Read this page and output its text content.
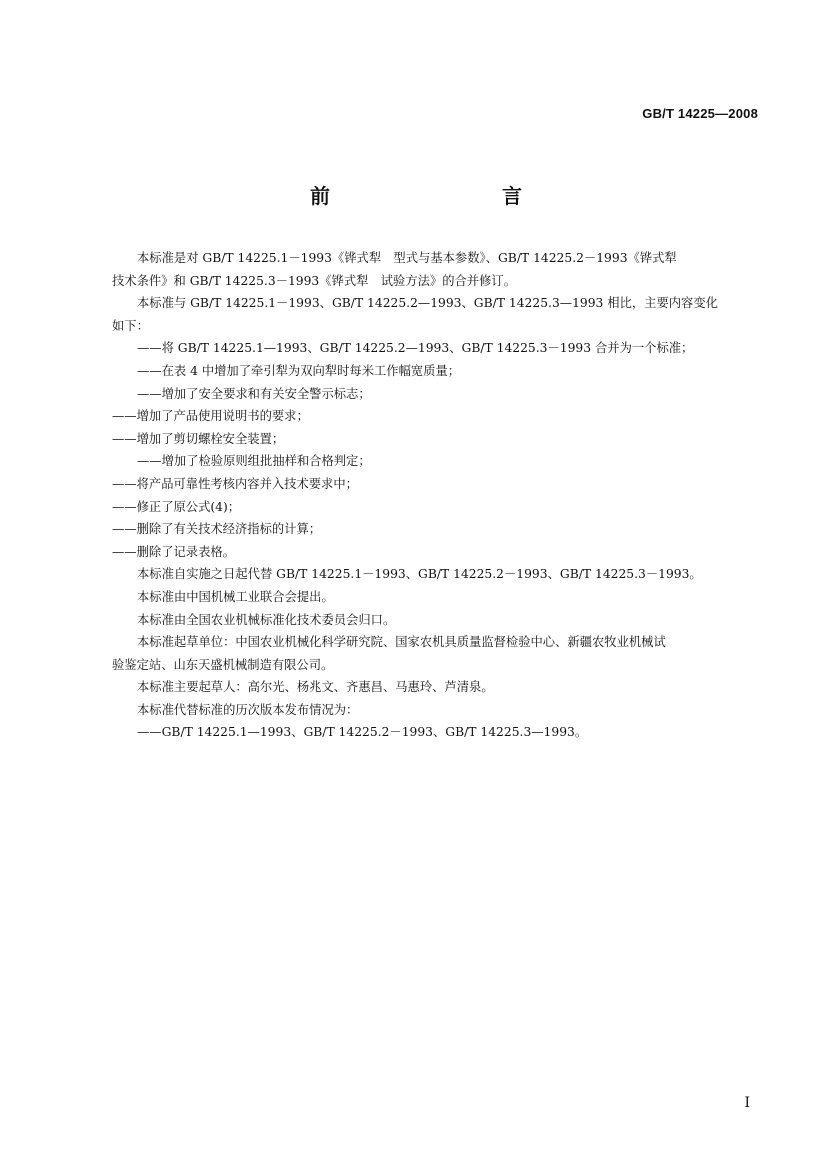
GB/T 14225—2008
前　　言
本标准是对 GB/T 14225.1－1993《铧式犁　型式与基本参数》、GB/T 14225.2－1993《铧式犁
技术条件》和 GB/T 14225.3－1993《铧式犁　试验方法》的合并修订。
本标准与 GB/T 14225.1－1993、GB/T 14225.2—1993、GB/T 14225.3—1993 相比，主要内容变化
如下：
——将 GB/T 14225.1—1993、GB/T 14225.2—1993、GB/T 14225.3－1993 合并为一个标准；
——在表 4 中增加了牵引犁为双向犁时每米工作幅宽质量；
——增加了安全要求和有关安全警示标志；
——增加了产品使用说明书的要求；
——增加了剪切螺栓安全装置；
——增加了检验原则组批抽样和合格判定；
——将产品可靠性考核内容并入技术要求中；
——修正了原公式(4)；
——删除了有关技术经济指标的计算；
——删除了记录表格。
本标准自实施之日起代替 GB/T 14225.1－1993、GB/T 14225.2－1993、GB/T 14225.3－1993。
本标准由中国机械工业联合会提出。
本标准由全国农业机械标准化技术委员会归口。
本标准起草单位：中国农业机械化科学研究院、国家农机具质量监督检验中心、新疆农牧业机械试
验鉴定站、山东天盛机械制造有限公司。
本标准主要起草人：高尔光、杨兆文、齐惠昌、马惠玲、芦清泉。
本标准代替标准的历次版本发布情况为：
——GB/T 14225.1—1993、GB/T 14225.2－1993、GB/T 14225.3—1993。
I
